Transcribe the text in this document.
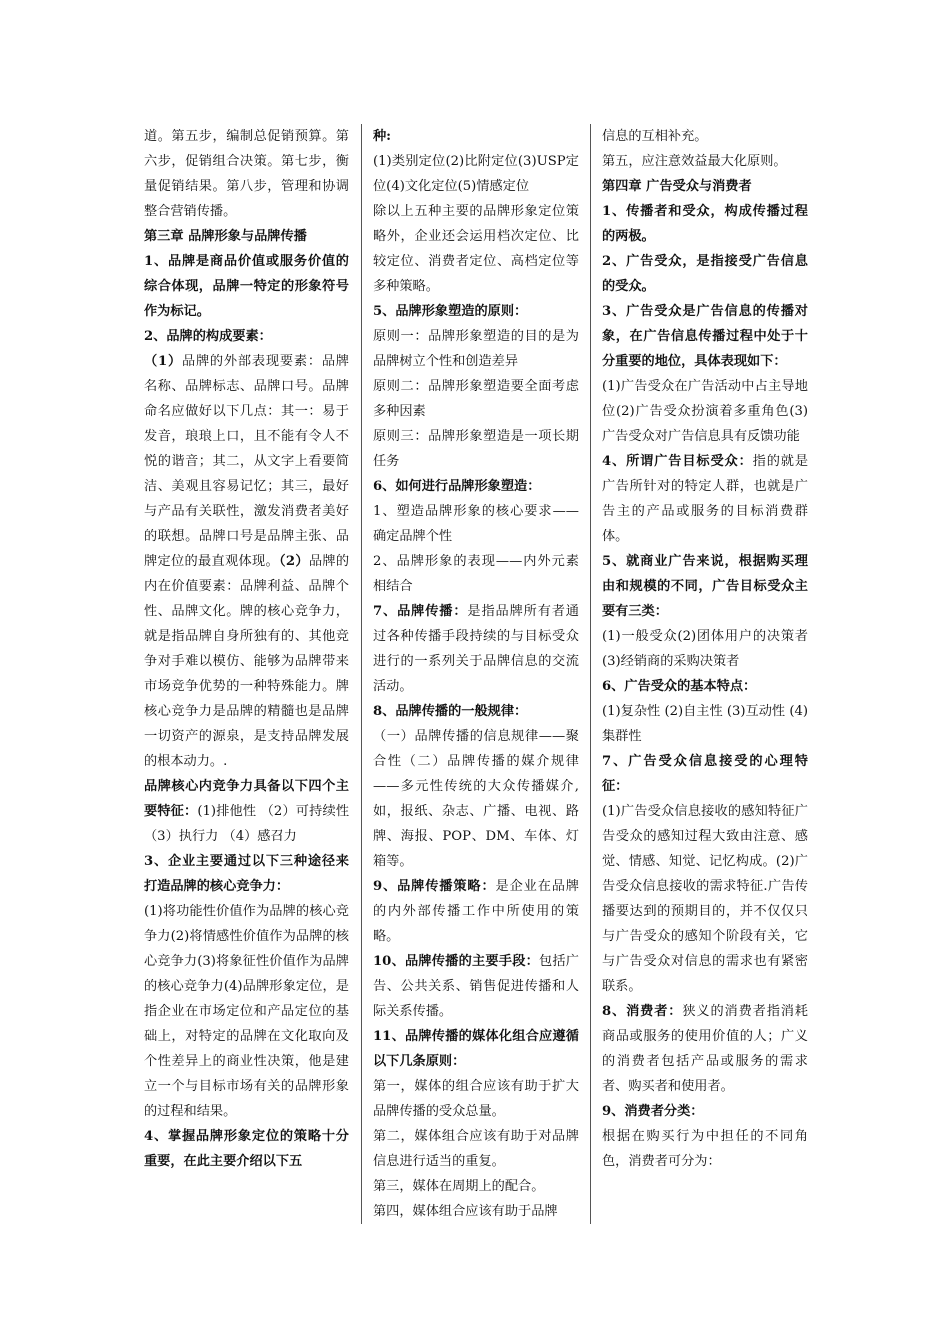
道。第五步，编制总促销预算。第六步，促销组合决策。第七步，衡量促销结果。第八步，管理和协调整合营销传播。

第三章 品牌形象与品牌传播

1、品牌是商品价值或服务价值的综合体现，品牌一特定的形象符号作为标记。

2、品牌的构成要素：

（1）品牌的外部表现要素：品牌名称、品牌标志、品牌口号。品牌命名应做好以下几点：其一：易于发音，琅琅上口，且不能有令人不悦的谐音；其二，从文字上看要简洁、美观且容易记忆；其三，最好与产品有关联性，激发消费者美好的联想。品牌口号是品牌主张、品牌定位的最直观体现。（2）品牌的内在价值要素：品牌利益、品牌个性、品牌文化。牌的核心竞争力，就是指品牌自身所独有的、其他竞争对手难以模仿、能够为品牌带来市场竞争优势的一种特殊能力。牌核心竞争力是品牌的精髓也是品牌一切资产的源泉，是支持品牌发展的根本动力。.

品牌核心内竞争力具备以下四个主要特征：(1)排他性 （2）可持续性 （3）执行力 （4）感召力

3、企业主要通过以下三种途径来打造品牌的核心竞争力：

(1)将功能性价值作为品牌的核心竞争力(2)将情感性价值作为品牌的核心竞争力(3)将象征性价值作为品牌的核心竞争力(4)品牌形象定位，是指企业在市场定位和产品定位的基础上，对特定的品牌在文化取向及个性差异上的商业性决策，他是建立一个与目标市场有关的品牌形象的过程和结果。

4、掌握品牌形象定位的策略十分重要，在此主要介绍以下五

种:

(1)类别定位(2)比附定位(3)USP定位(4)文化定位(5)情感定位

除以上五种主要的品牌形象定位策略外，企业还会运用档次定位、比较定位、消费者定位、高档定位等多种策略。

5、品牌形象塑造的原则：

原则一：品牌形象塑造的目的是为品牌树立个性和创造差异

原则二：品牌形象塑造要全面考虑多种因素

原则三：品牌形象塑造是一项长期任务

6、如何进行品牌形象塑造：

1、塑造品牌形象的核心要求——确定品牌个性

2、品牌形象的表现——内外元素相结合

7、品牌传播：是指品牌所有者通过各种传播手段持续的与目标受众进行的一系列关于品牌信息的交流活动。

8、品牌传播的一般规律：

（一）品牌传播的信息规律——聚合性（二）品牌传播的媒介规律——多元性传统的大众传播媒介,如，报纸、杂志、广播、电视、路牌、海报、POP、DM、车体、灯箱等。

9、品牌传播策略：是企业在品牌的内外部传播工作中所使用的策略。

10、品牌传播的主要手段：包括广告、公共关系、销售促进传播和人际关系传播。

11、品牌传播的媒体化组合应遵循以下几条原则：

第一，媒体的组合应该有助于扩大品牌传播的受众总量。

第二，媒体组合应该有助于对品牌信息进行适当的重复。

第三，媒体在周期上的配合。

第四，媒体组合应该有助于品牌

信息的互相补充。

第五，应注意效益最大化原则。

第四章 广告受众与消费者

1、传播者和受众，构成传播过程的两极。

2、广告受众，是指接受广告信息的受众。

3、广告受众是广告信息的传播对象，在广告信息传播过程中处于十分重要的地位，具体表现如下：

(1)广告受众在广告活动中占主导地位(2)广告受众扮演着多重角色(3)广告受众对广告信息具有反馈功能

4、所谓广告目标受众：指的就是广告所针对的特定人群，也就是广告主的产品或服务的目标消费群体。

5、就商业广告来说，根据购买理由和规模的不同，广告目标受众主要有三类：

(1)一般受众(2)团体用户的决策者(3)经销商的采购决策者

6、广告受众的基本特点：

(1)复杂性 (2)自主性 (3)互动性 (4)集群性

7、广告受众信息接受的心理特征：

(1)广告受众信息接收的感知特征广告受众的感知过程大致由注意、感觉、情感、知觉、记忆构成。(2)广告受众信息接收的需求特征.广告传播要达到的预期目的，并不仅仅只与广告受众的感知个阶段有关，它与广告受众对信息的需求也有紧密联系。

8、消费者：狭义的消费者指消耗商品或服务的使用价值的人；广义的消费者包括产品或服务的需求者、购买者和使用者。

9、消费者分类：

根据在购买行为中担任的不同角色，消费者可分为：
